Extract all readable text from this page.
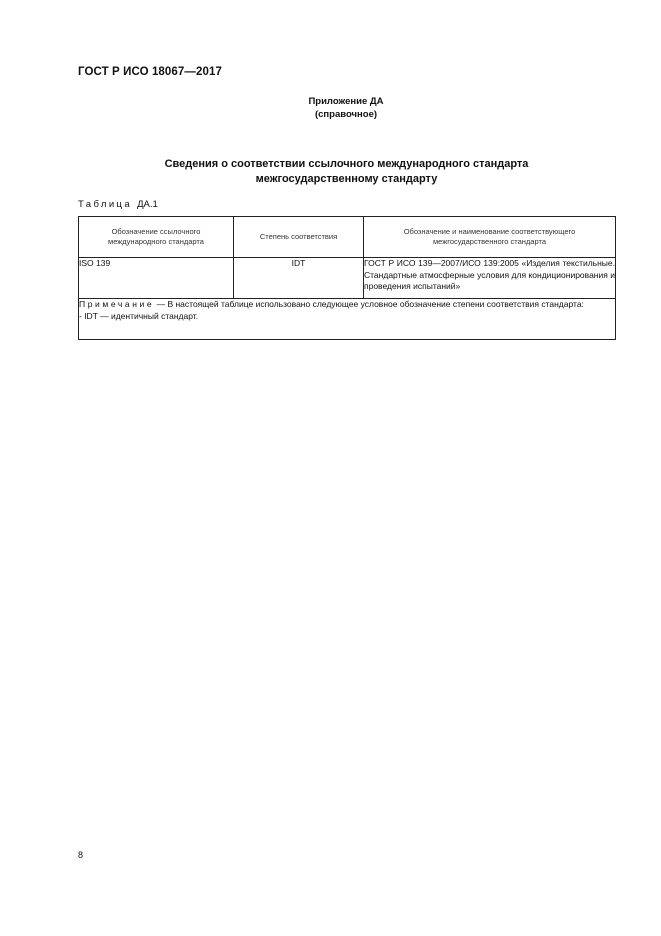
ГОСТ Р ИСО 18067—2017
Приложение ДА
(справочное)
Сведения о соответствии ссылочного международного стандарта
межгосударственному стандарту
Таблица ДА.1
Обозначение ссылочного международного стандарта	Степень соответствия	Обозначение и наименование соответствующего межгосударственного стандарта
ISO 139	IDT	ГОСТ Р ИСО 139—2007/ИСО 139:2005 «Изделия текстильные. Стандартные атмосферные условия для кондиционирования и проведения испытаний»

Примечание — В настоящей таблице использовано следующее условное обозначение степени соответствия стандарта:
- IDT — идентичный стандарт.		
8
